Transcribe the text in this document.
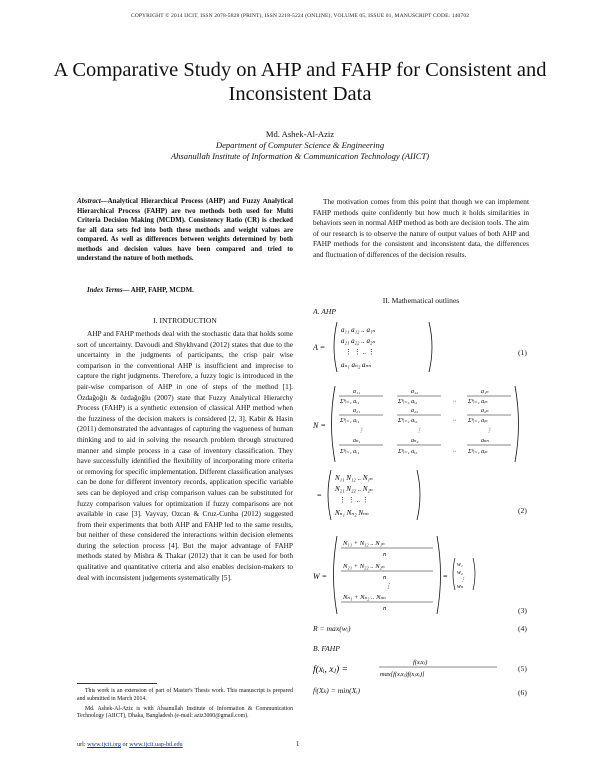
COPYRIGHT © 2014 IJCIT, ISSN 2078-5828 (PRINT), ISSN 2218-5224 (ONLINE), VOLUME 05, ISSUE 01, MANUSCRIPT CODE: 140702
A Comparative Study on AHP and FAHP for Consistent and Inconsistent Data
Md. Ashek-Al-Aziz
Department of Computer Science & Engineering
Ahsanullah Institute of Information & Communication Technology (AIICT)
Abstract—Analytical Hierarchical Process (AHP) and Fuzzy Analytical Hierarchical Process (FAHP) are two methods both used for Multi Criteria Decision Making (MCDM). Consistency Ratio (CR) is checked for all data sets fed into both these methods and weight values are compared. As well as differences between weights determined by both methods and decision values have been compared and tried to understand the nature of both methods.
Index Terms— AHP, FAHP, MCDM.
I. INTRODUCTION
AHP and FAHP methods deal with the stochastic data that holds some sort of uncertainty. Davoudi and Shykhvand (2012) states that due to the uncertainty in the judgments of participants, the crisp pair wise comparison in the conventional AHP is insufficient and imprecise to capture the right judgments. Therefore, a fuzzy logic is introduced in the pair-wise comparison of AHP in one of steps of the method [1]. Özdağoğlı & özdağoğlu (2007) state that Fuzzy Analytical Hierarchy Process (FAHP) is a synthetic extension of classical AHP method when the fuzziness of the decision makers is considered [2, 3]. Kabir & Hasin (2011) demonstrated the advantages of capturing the vagueness of human thinking and to aid in solving the research problem through structured manner and simple process in a case of inventory classification. They have successfully identified the flexibility of incorporating more criteria or removing for specific implementation. Different classification analyses can be done for different inventory records, application specific variable sets can be deployed and crisp comparison values can be substituted for fuzzy comparison values for optimization if fuzzy comparisons are not available in case [3]. Vayvay, Ozcan & Cruz-Cunha (2012) suggested from their experiments that both AHP and FAHP led to the same results, but neither of these considered the interactions within decision elements during the selection process [4]. But the major advantage of FAHP methods stated by Mishra & Thakar (2012) that it can be used for both qualitative and quantitative criteria and also enables decision-makers to deal with inconsistent judgements systematically [5].

This work is an extension of part of Master's Thesis work. This manuscript is prepared and submitted in March 2014.

Md. Ashek-Al-Aziz is with Ahsanullah Institute of Information & Communication Technology (AIICT), Dhaka, Bangladesh (e-mail: aziz3000@gmail.com).

url: www.ijcit.org or www.ijcit.uap-bd.edu	1
The motivation comes from this point that though we can implement FAHP methods quite confidently but how much it holds similarities in behaviors seen in normal AHP method as both are decision tools. The aim of our research is to observe the nature of output values of both AHP and FAHP methods for the consistent and inconsistent data, the differences and fluctuation of differences of the decision results.
II. Mathematical outlines
A. AHP
A =
a₁₁ a₁₂ .. a₁ₙ
a₂₁ a₂₂ .. a₂ₙ
⋮ ⋮ .. ⋮
aₙ₁ aₙ₂ aₙₙ
(1)
N =
a₁₁	a₁₂	a₁ₙ
Σⁿᵢ₌₁ aᵢ₁	Σⁿᵢ₌₁ aᵢ₂	·· Σⁿᵢ₌₁ aᵢₙ
a₂₁	a₂₂	a₂ₙ
Σⁿᵢ₌₁ aᵢ₁	Σⁿᵢ₌₁ aᵢ₂	·· Σⁿᵢ₌₁ aᵢₙ
⋮	⋮	⋮
aₙ₁	aₙ₂	aₙₙ
Σⁿᵢ₌₁ aᵢ₁	Σⁿᵢ₌₁ aᵢ₂	·· Σⁿᵢ₌₁ aᵢₙ
=
N₁₁ N₁₂ .. N₁ₙ
N₂₁ N₂₂ .. N₂ₙ
⋮ ⋮ .. ⋮
Nₙ₁ Nₙ₂ Nₙₙ	(2)
W =
N₁₁ + N₁₂ .. N₁ₙ
n
N₂₁ + N₂₂ .. N₂ₙ
n
⋮
Nₙ₁ + Nₙ₂ .. Nₙₙ
n
=
w₁
w₂
⋮
wₙ
(3)
R = max(wᵢ)	(4)
B. FAHP
f(xᵢ, xⱼ) =
f(xᵢxⱼ)
max[f(xᵢxⱼ)f(xⱼxᵢ)]
(5)
fʲ(Xₖ) = min(Xᵢ)	(6)
